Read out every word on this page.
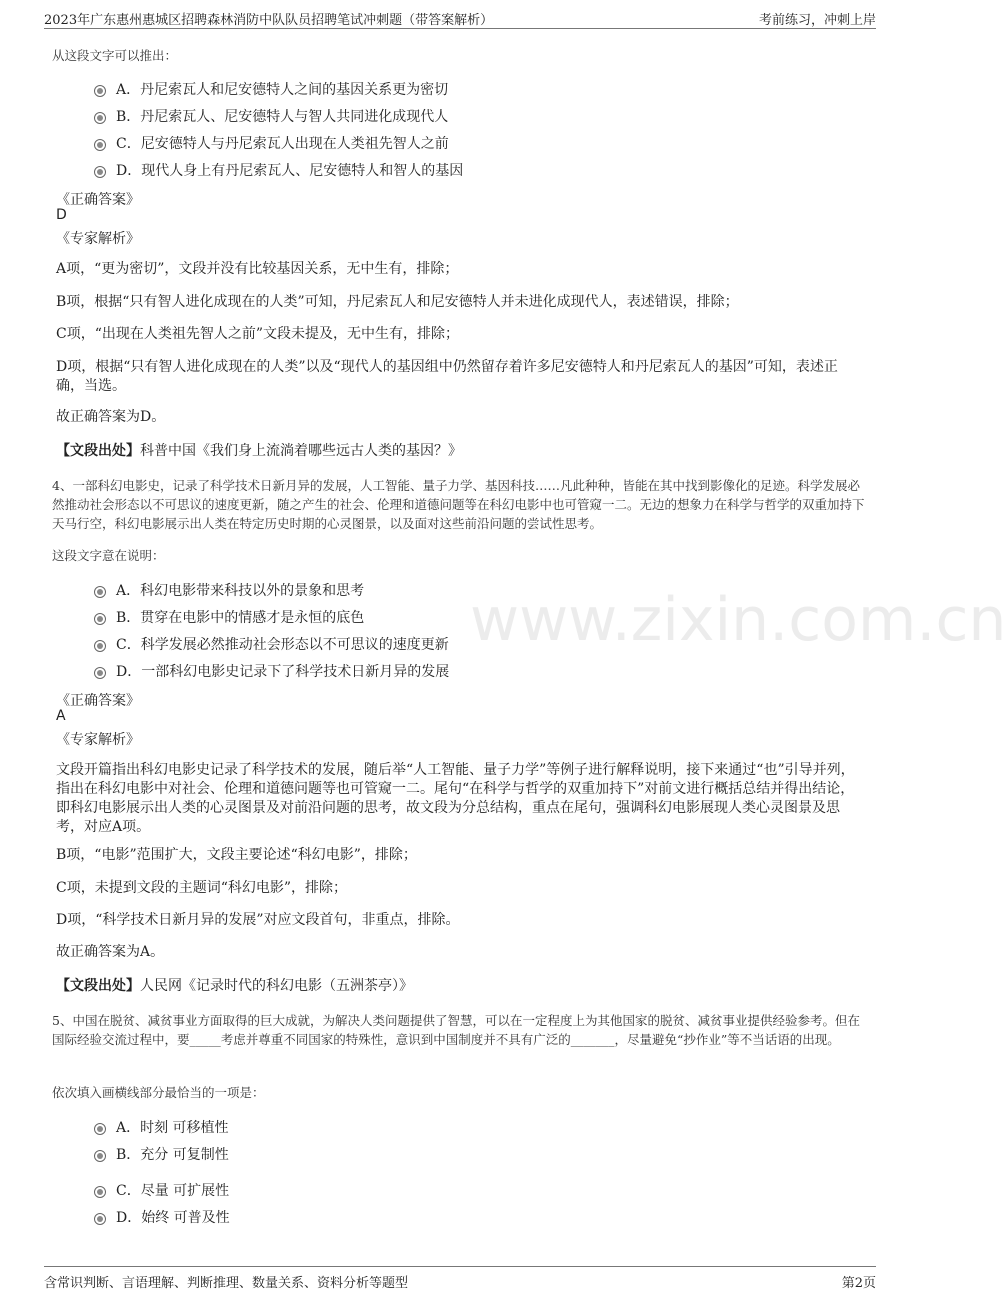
2023年广东惠州惠城区招聘森林消防中队队员招聘笔试冲刺题（带答案解析）	考前练习，冲刺上岸
www.zixin.com.cn
从这段文字可以推出：
A．丹尼索瓦人和尼安德特人之间的基因关系更为密切
B．丹尼索瓦人、尼安德特人与智人共同进化成现代人
C．尼安德特人与丹尼索瓦人出现在人类祖先智人之前
D．现代人身上有丹尼索瓦人、尼安德特人和智人的基因
《正确答案》
D
《专家解析》
A项，“更为密切”，文段并没有比较基因关系，无中生有，排除；
B项，根据“只有智人进化成现在的人类”可知，丹尼索瓦人和尼安德特人并未进化成现代人，表述错误，排除；
C项，“出现在人类祖先智人之前”文段未提及，无中生有，排除；
D项，根据“只有智人进化成现在的人类”以及“现代人的基因组中仍然留存着许多尼安德特人和丹尼索瓦人的基因”可知，表述正确，当选。
故正确答案为D。
【文段出处】科普中国《我们身上流淌着哪些远古人类的基因？》
4、一部科幻电影史，记录了科学技术日新月异的发展，人工智能、量子力学、基因科技……凡此种种，皆能在其中找到影像化的足迹。科学发展必然推动社会形态以不可思议的速度更新，随之产生的社会、伦理和道德问题等在科幻电影中也可管窥一二。无边的想象力在科学与哲学的双重加持下天马行空，科幻电影展示出人类在特定历史时期的心灵图景，以及面对这些前沿问题的尝试性思考。
这段文字意在说明：
A．科幻电影带来科技以外的景象和思考
B．贯穿在电影中的情感才是永恒的底色
C．科学发展必然推动社会形态以不可思议的速度更新
D．一部科幻电影史记录下了科学技术日新月异的发展
《正确答案》
A
《专家解析》
文段开篇指出科幻电影史记录了科学技术的发展，随后举“人工智能、量子力学”等例子进行解释说明，接下来通过“也”引导并列，指出在科幻电影中对社会、伦理和道德问题等也可管窥一二。尾句“在科学与哲学的双重加持下”对前文进行概括总结并得出结论，即科幻电影展示出人类的心灵图景及对前沿问题的思考，故文段为分总结构，重点在尾句，强调科幻电影展现人类心灵图景及思考，对应A项。
B项，“电影”范围扩大，文段主要论述“科幻电影”，排除；
C项，未提到文段的主题词“科幻电影”，排除；
D项，“科学技术日新月异的发展”对应文段首句，非重点，排除。
故正确答案为A。
【文段出处】人民网《记录时代的科幻电影（五洲茶亭）》
5、中国在脱贫、减贫事业方面取得的巨大成就，为解决人类问题提供了智慧，可以在一定程度上为其他国家的脱贫、减贫事业提供经验参考。但在国际经验交流过程中，要_____考虑并尊重不同国家的特殊性，意识到中国制度并不具有广泛的_______，尽量避免“抄作业”等不当话语的出现。
依次填入画横线部分最恰当的一项是：
A．时刻 可移植性
B．充分 可复制性
C．尽量 可扩展性
D．始终 可普及性
含常识判断、言语理解、判断推理、数量关系、资料分析等题型	第2页
